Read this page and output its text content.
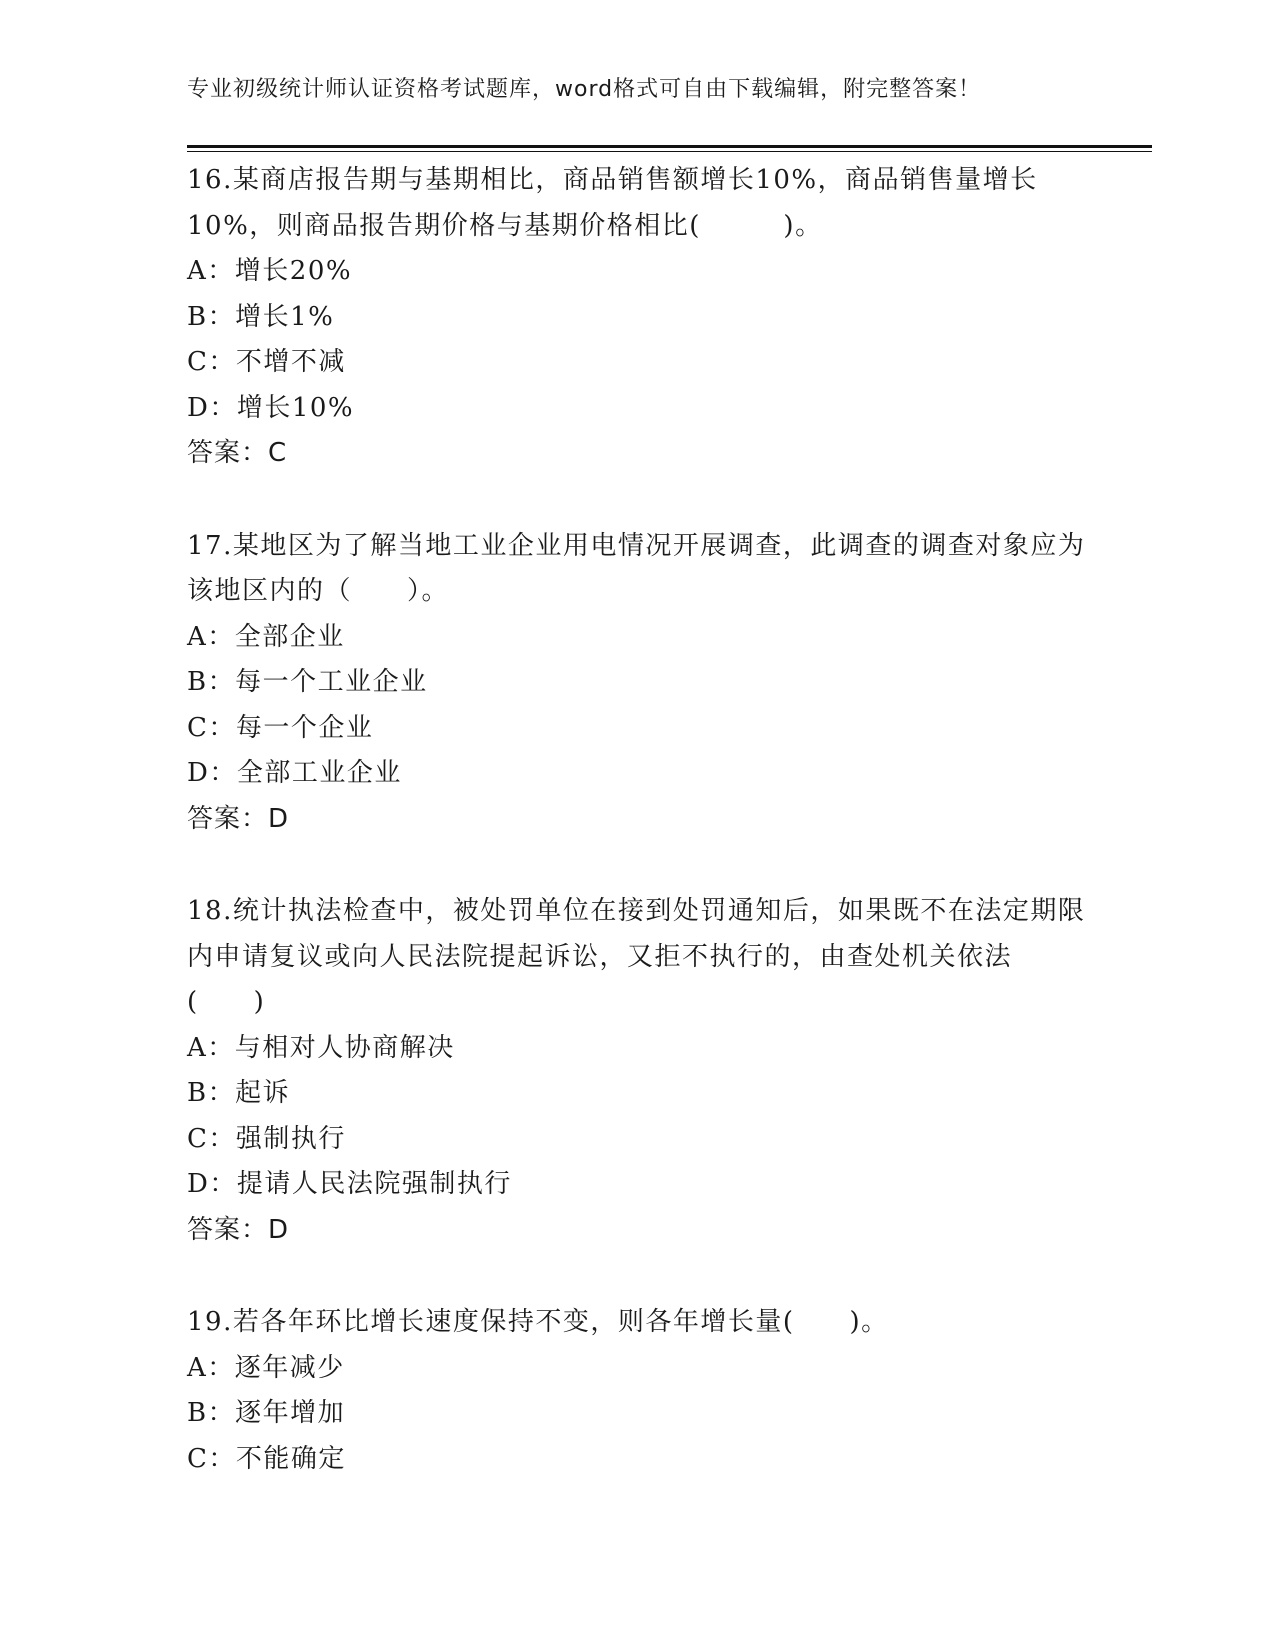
专业初级统计师认证资格考试题库，word格式可自由下载编辑，附完整答案！
16.某商店报告期与基期相比，商品销售额增长10%，商品销售量增长10%，则商品报告期价格与基期价格相比(　　　)。
A：增长20%
B：增长1%
C：不增不减
D：增长10%
答案：C
17.某地区为了解当地工业企业用电情况开展调查，此调查的调查对象应为该地区内的（　　）。
A：全部企业
B：每一个工业企业
C：每一个企业
D：全部工业企业
答案：D
18.统计执法检查中，被处罚单位在接到处罚通知后，如果既不在法定期限内申请复议或向人民法院提起诉讼，又拒不执行的，由查处机关依法(　　)
A：与相对人协商解决
B：起诉
C：强制执行
D：提请人民法院强制执行
答案：D
19.若各年环比增长速度保持不变，则各年增长量(　　)。
A：逐年减少
B：逐年增加
C：不能确定
